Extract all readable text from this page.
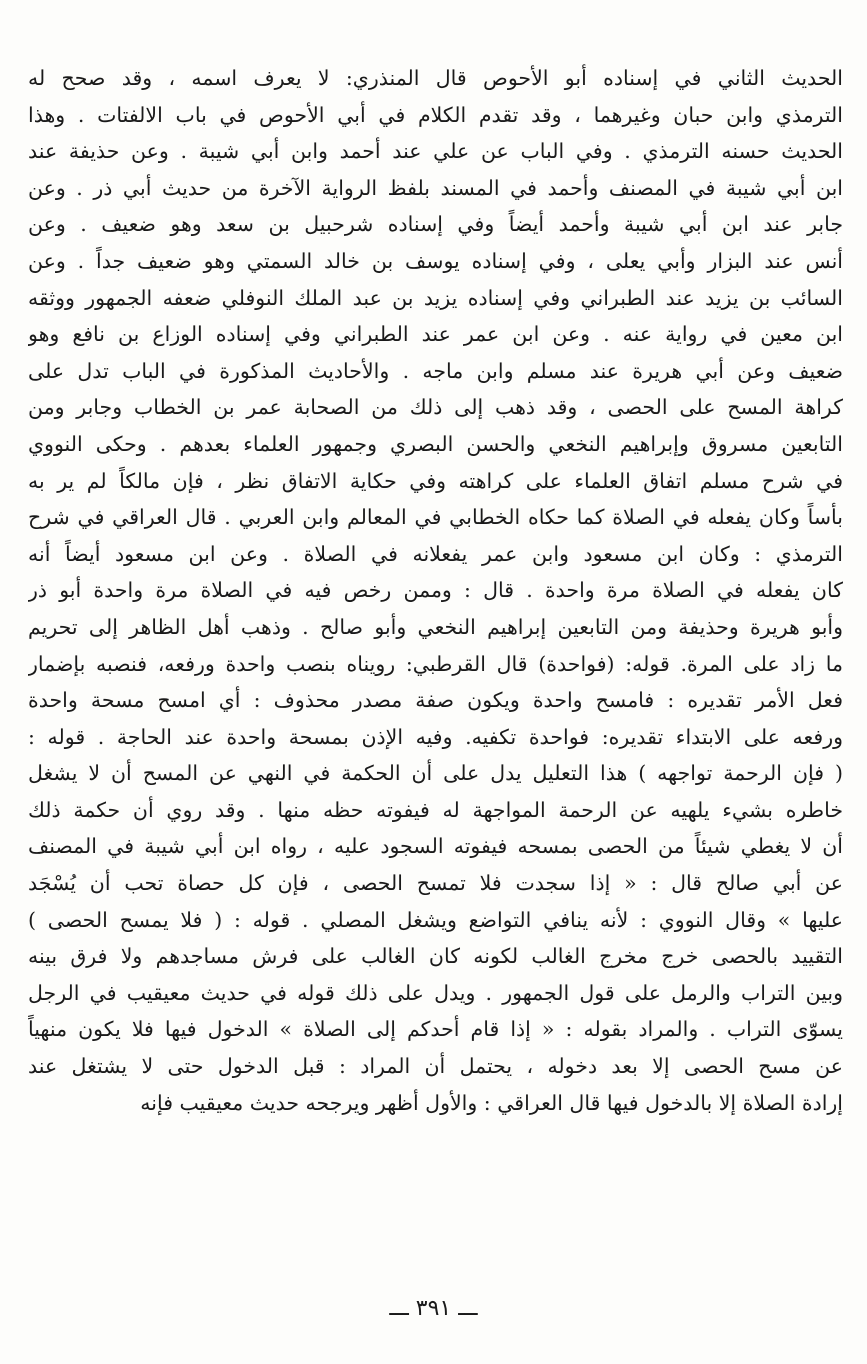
الحديث الثاني في إسناده أبو الأحوص قال المنذري: لا يعرف اسمه ، وقد صحح له
الترمذي وابن حبان وغيرهما ، وقد تقدم الكلام في أبي الأحوص في باب الالفتات . وهذا
الحديث حسنه الترمذي . وفي الباب عن علي عند أحمد وابن أبي شيبة . وعن حذيفة عند
ابن أبي شيبة في المصنف وأحمد في المسند بلفظ الرواية الآخرة من حديث أبي ذر . وعن
جابر عند ابن أبي شيبة وأحمد أيضاً وفي إسناده شرحبيل بن سعد وهو ضعيف . وعن
أنس عند البزار وأبي يعلى ، وفي إسناده يوسف بن خالد السمتي وهو ضعيف جداً . وعن
السائب بن يزيد عند الطبراني وفي إسناده يزيد بن عبد الملك النوفلي ضعفه الجمهور ووثقه
ابن معين في رواية عنه . وعن ابن عمر عند الطبراني وفي إسناده الوزاع بن نافع وهو
ضعيف وعن أبي هريرة عند مسلم وابن ماجه . والأحاديث المذكورة في الباب تدل على
كراهة المسح على الحصى ، وقد ذهب إلى ذلك من الصحابة عمر بن الخطاب وجابر ومن
التابعين مسروق وإبراهيم النخعي والحسن البصري وجمهور العلماء بعدهم . وحكى النووي
في شرح مسلم اتفاق العلماء على كراهته وفي حكاية الاتفاق نظر ، فإن مالكاً لم ير به
بأساً وكان يفعله في الصلاة كما حكاه الخطابي في المعالم وابن العربي . قال العراقي في شرح
الترمذي : وكان ابن مسعود وابن عمر يفعلانه في الصلاة . وعن ابن مسعود أيضاً أنه
كان يفعله في الصلاة مرة واحدة . قال : وممن رخص فيه في الصلاة مرة واحدة أبو ذر
وأبو هريرة وحذيفة ومن التابعين إبراهيم النخعي وأبو صالح . وذهب أهل الظاهر إلى تحريم
ما زاد على المرة. قوله: (فواحدة) قال القرطبي: رويناه بنصب واحدة ورفعه، فنصبه بإضمار
فعل الأمر تقديره : فامسح واحدة ويكون صفة مصدر محذوف : أي امسح مسحة واحدة
ورفعه على الابتداء تقديره: فواحدة تكفيه. وفيه الإذن بمسحة واحدة عند الحاجة . قوله :
( فإن الرحمة تواجهه ) هذا التعليل يدل على أن الحكمة في النهي عن المسح أن لا يشغل
خاطره بشيء يلهيه عن الرحمة المواجهة له فيفوته حظه منها . وقد روي أن حكمة ذلك
أن لا يغطي شيئاً من الحصى بمسحه فيفوته السجود عليه ، رواه ابن أبي شيبة في المصنف
عن أبي صالح قال : « إذا سجدت فلا تمسح الحصى ، فإن كل حصاة تحب أن يُسْجَد
عليها » وقال النووي : لأنه ينافي التواضع ويشغل المصلي . قوله : ( فلا يمسح الحصى )
التقييد بالحصى خرج مخرج الغالب لكونه كان الغالب على فرش مساجدهم ولا فرق بينه
وبين التراب والرمل على قول الجمهور . ويدل على ذلك قوله في حديث معيقيب في الرجل
يسوّى التراب . والمراد بقوله : « إذا قام أحدكم إلى الصلاة » الدخول فيها فلا يكون منهياً
عن مسح الحصى إلا بعد دخوله ، يحتمل أن المراد : قبل الدخول حتى لا يشتغل عند
إرادة الصلاة إلا بالدخول فيها قال العراقي : والأول أظهر ويرجحه حديث معيقيب فإنه
ـــ ٣٩١ ـــ
